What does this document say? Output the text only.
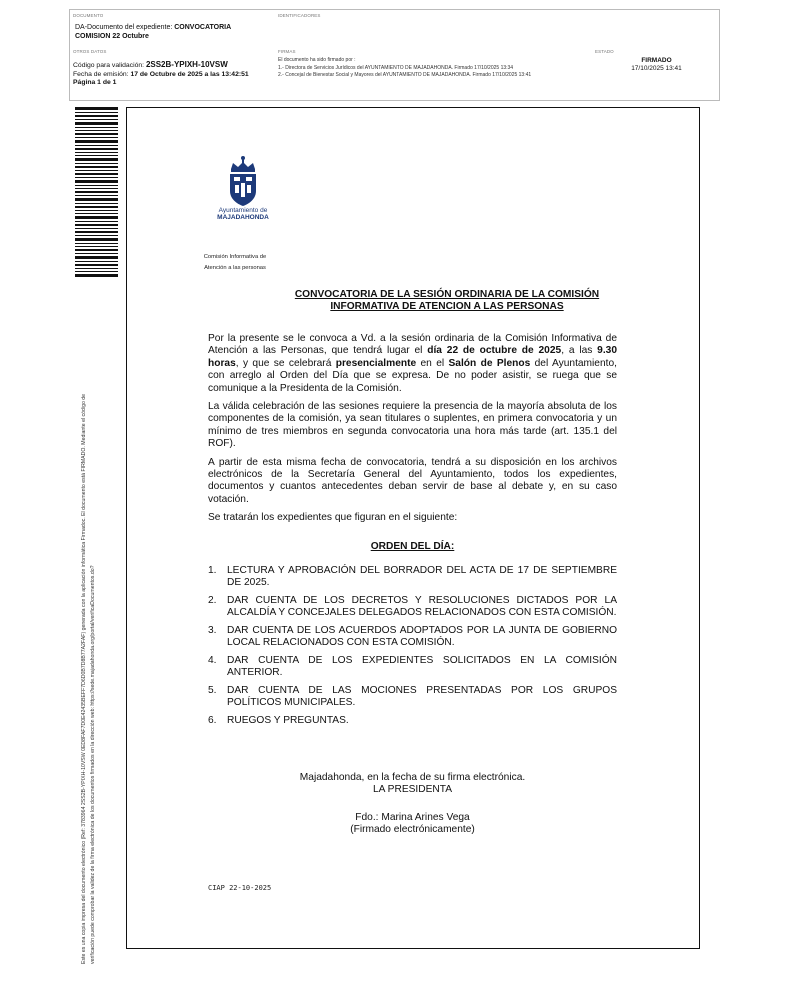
DOCUMENTO
DA-Documento del expediente: CONVOCATORIA
COMISION 22 Octubre
IDENTIFICADORES
OTROS DATOS
Código para validación: 2SS2B-YPIXH-10VSW
Fecha de emisión: 17 de Octubre de 2025 a las 13:42:51
Página 1 de 1
FIRMAS
El documento ha sido firmado por :
1.- Directora de Servicios Jurídicos del AYUNTAMIENTO DE MAJADAHONDA. Firmado 17/10/2025 13:34
2.- Concejal de Bienestar Social y Mayores del AYUNTAMIENTO DE MAJADAHONDA. Firmado 17/10/2025 13:41
ESTADO
FIRMADO
17/10/2025 13:41
Este es una copia impresa del documento electrónico (Ref: 3783964 2SS2B-YPIXH-10VSW 0ED8FAF7D0E42435BEFF7D6D0B7D8B77A2FAF) generada con la aplicación informática Firmadoc. El documento está FIRMADO. Mediante el código de verificación puede comprobar la validez de la firma electrónica de los documentos firmados en la dirección web: https://sede.majadahonda.org/portal/verificaDocumentos.do?
Ayuntamiento de
MAJADAHONDA
Comisión Informativa de
Atención a las personas
CONVOCATORIA DE LA SESIÓN ORDINARIA DE LA COMISIÓN
INFORMATIVA DE ATENCION A LAS PERSONAS

Por la presente se le convoca a Vd. a la sesión ordinaria de la Comisión Informativa de Atención a las Personas, que tendrá lugar el día 22 de octubre de 2025, a las 9.30 horas, y que se celebrará presencialmente en el Salón de Plenos del Ayuntamiento, con arreglo al Orden del Día que se expresa. De no poder asistir, se ruega que se comunique a la Presidenta de la Comisión.

La válida celebración de las sesiones requiere la presencia de la mayoría absoluta de los componentes de la comisión, ya sean titulares o suplentes, en primera convocatoria y un mínimo de tres miembros en segunda convocatoria una hora más tarde (art. 135.1 del ROF).

A partir de esta misma fecha de convocatoria, tendrá a su disposición en los archivos electrónicos de la Secretaría General del Ayuntamiento, todos los expedientes, documentos y cuantos antecedentes deban servir de base al debate y, en su caso votación.

Se tratarán los expedientes que figuran en el siguiente:

ORDEN DEL DÍA:
1. LECTURA Y APROBACIÓN DEL BORRADOR DEL ACTA DE 17 DE SEPTIEMBRE DE 2025.
2. DAR CUENTA DE LOS DECRETOS Y RESOLUCIONES DICTADOS POR LA ALCALDÍA Y CONCEJALES DELEGADOS RELACIONADOS CON ESTA COMISIÓN.
3. DAR CUENTA DE LOS ACUERDOS ADOPTADOS POR LA JUNTA DE GOBIERNO LOCAL RELACIONADOS CON ESTA COMISIÓN.
4. DAR CUENTA DE LOS EXPEDIENTES SOLICITADOS EN LA COMISIÓN ANTERIOR.
5. DAR CUENTA DE LAS MOCIONES PRESENTADAS POR LOS GRUPOS POLÍTICOS MUNICIPALES.
6. RUEGOS Y PREGUNTAS.
Majadahonda, en la fecha de su firma electrónica.
LA PRESIDENTA
Fdo.: Marina Arines Vega
(Firmado electrónicamente)
CIAP 22-10-2025
